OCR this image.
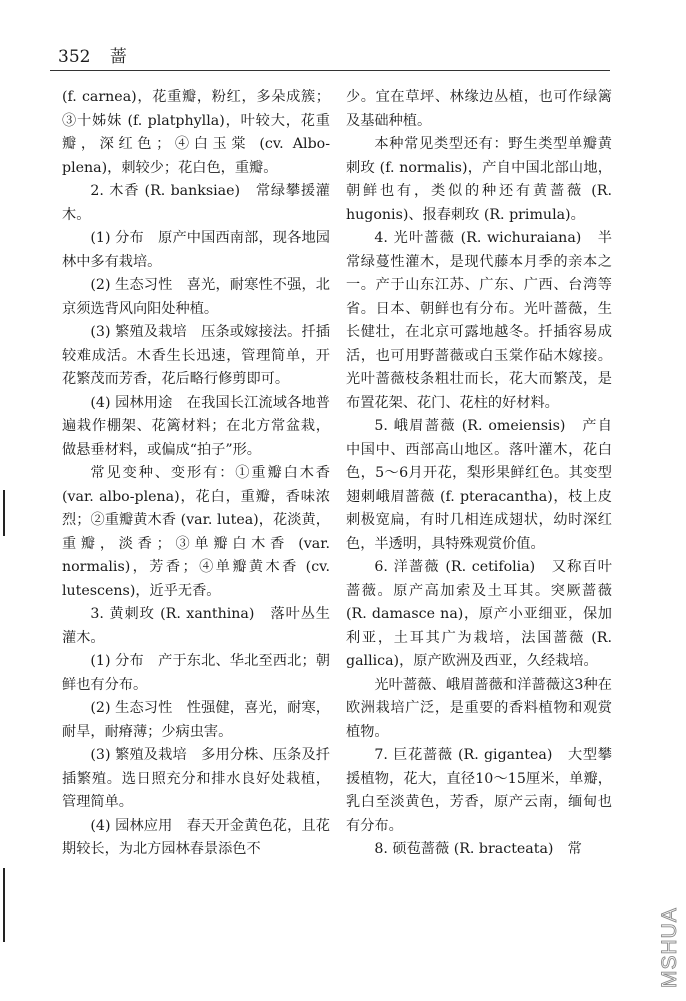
352 蔷

(f. carnea)，花重瓣，粉红，多朵成簇；③十姊妹 (f. platphylla)，叶较大，花重瓣，深红色；④白玉棠 (cv. Albo-plena)，刺较少；花白色，重瓣。

2. 木香 (R. banksiae)　常绿攀援灌木。

(1) 分布　原产中国西南部，现各地园林中多有栽培。

(2) 生态习性　喜光，耐寒性不强，北京须选背风向阳处种植。

(3) 繁殖及栽培　压条或嫁接法。扦插较难成活。木香生长迅速，管理简单，开花繁茂而芳香，花后略行修剪即可。

(4) 园林用途　在我国长江流域各地普遍栽作棚架、花篱材料；在北方常盆栽，做悬垂材料，或偏成“拍子”形。

常见变种、变形有：①重瓣白木香 (var. albo-plena)，花白，重瓣，香味浓烈；②重瓣黄木香 (var. lutea)，花淡黄，重瓣，淡香；③单瓣白木香 (var. normalis)，芳香；④单瓣黄木香 (cv. lutescens)，近乎无香。

3. 黄刺玫 (R. xanthina)　落叶丛生灌木。

(1) 分布　产于东北、华北至西北；朝鲜也有分布。

(2) 生态习性　性强健，喜光，耐寒，耐旱，耐瘠薄；少病虫害。

(3) 繁殖及栽培　多用分株、压条及扦插繁殖。选日照充分和排水良好处栽植，管理简单。

(4) 园林应用　春天开金黄色花，且花期较长，为北方园林春景添色不

少。宜在草坪、林缘边丛植，也可作绿篱及基础种植。

本种常见类型还有：野生类型单瓣黄刺玫 (f. normalis)，产自中国北部山地，朝鲜也有，类似的种还有黄蔷薇 (R. hugonis)、报春刺玫 (R. primula)。

4. 光叶蔷薇 (R. wichuraiana)　半常绿蔓性灌木，是现代藤本月季的亲本之一。产于山东江苏、广东、广西、台湾等省。日本、朝鲜也有分布。光叶蔷薇，生长健壮，在北京可露地越冬。扦插容易成活，也可用野蔷薇或白玉棠作砧木嫁接。光叶蔷薇枝条粗壮而长，花大而繁茂，是布置花架、花门、花柱的好材料。

5. 峨眉蔷薇 (R. omeiensis)　产自中国中、西部高山地区。落叶灌木，花白色，5～6月开花，梨形果鲜红色。其变型翅刺峨眉蔷薇 (f. pteracantha)，枝上皮刺极宽扁，有时几相连成翅状，幼时深红色，半透明，具特殊观赏价值。

6. 洋蔷薇 (R. cetifolia)　又称百叶蔷薇。原产高加索及土耳其。突厥蔷薇 (R. damasce na)，原产小亚细亚，保加利亚，土耳其广为栽培，法国蔷薇 (R. gallica)，原产欧洲及西亚，久经栽培。

光叶蔷薇、峨眉蔷薇和洋蔷薇这3种在欧洲栽培广泛，是重要的香料植物和观赏植物。

7. 巨花蔷薇 (R. gigantea)　大型攀援植物，花大，直径10～15厘米，单瓣，乳白至淡黄色，芳香，原产云南，缅甸也有分布。

8. 硕苞蔷薇 (R. bracteata)　常

MSHUA
